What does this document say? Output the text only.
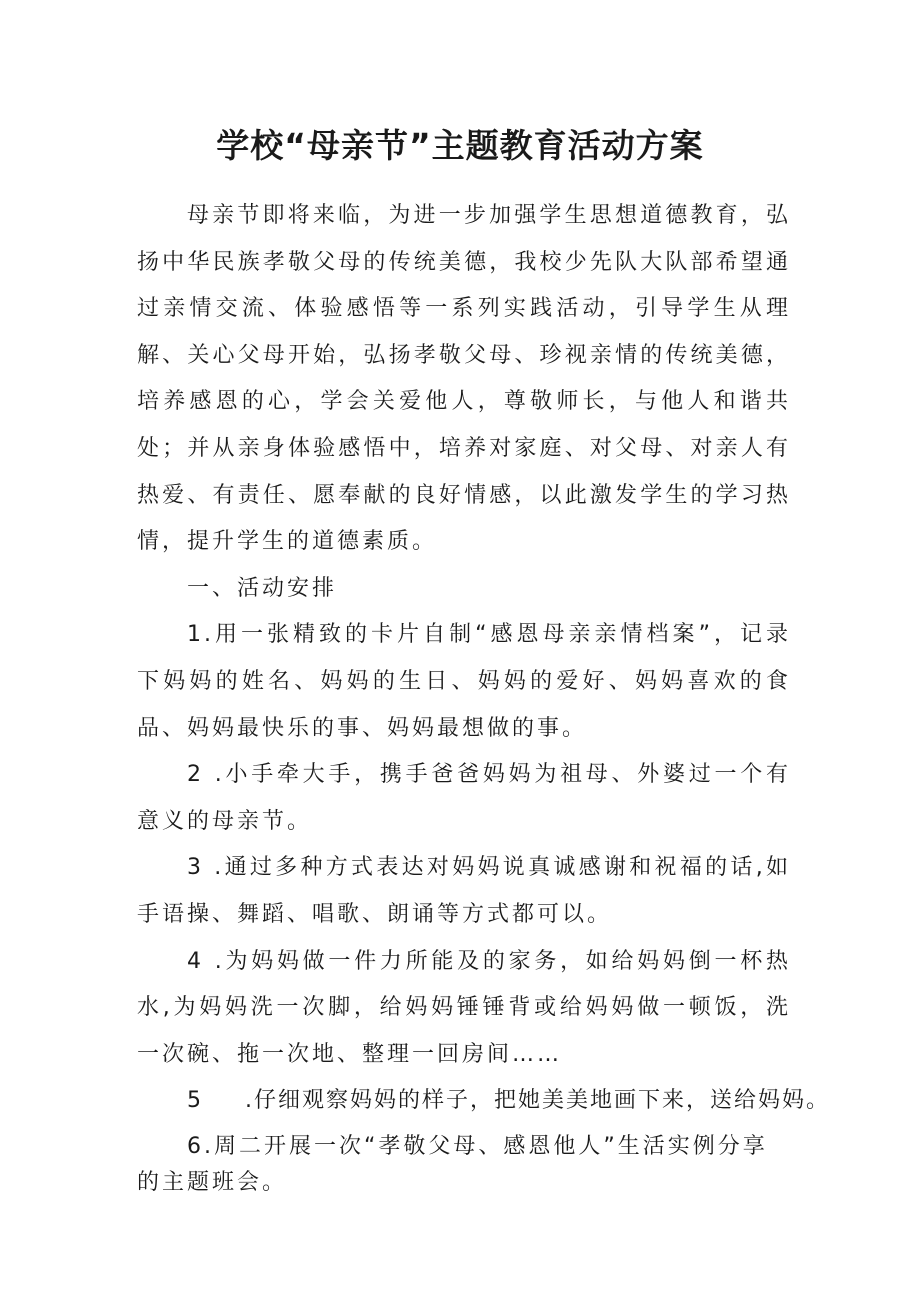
学校“母亲节”主题教育活动方案

母亲节即将来临，为进一步加强学生思想道德教育，弘扬中华民族孝敬父母的传统美德，我校少先队大队部希望通过亲情交流、体验感悟等一系列实践活动，引导学生从理解、关心父母开始，弘扬孝敬父母、珍视亲情的传统美德，培养感恩的心，学会关爱他人，尊敬师长，与他人和谐共处；并从亲身体验感悟中，培养对家庭、对父母、对亲人有热爱、有责任、愿奉献的良好情感，以此激发学生的学习热情，提升学生的道德素质。

一、活动安排

1.用一张精致的卡片自制“感恩母亲亲情档案”，记录下妈妈的姓名、妈妈的生日、妈妈的爱好、妈妈喜欢的食品、妈妈最快乐的事、妈妈最想做的事。

2 .小手牵大手，携手爸爸妈妈为祖母、外婆过一个有意义的母亲节。

3 .通过多种方式表达对妈妈说真诚感谢和祝福的话,如手语操、舞蹈、唱歌、朗诵等方式都可以。

4 .为妈妈做一件力所能及的家务，如给妈妈倒一杯热水,为妈妈洗一次脚，给妈妈锤锤背或给妈妈做一顿饭，洗一次碗、拖一次地、整理一回房间……

5 .仔细观察妈妈的样子，把她美美地画下来，送给妈妈。

6.周二开展一次“孝敬父母、感恩他人”生活实例分享的主题班会。
